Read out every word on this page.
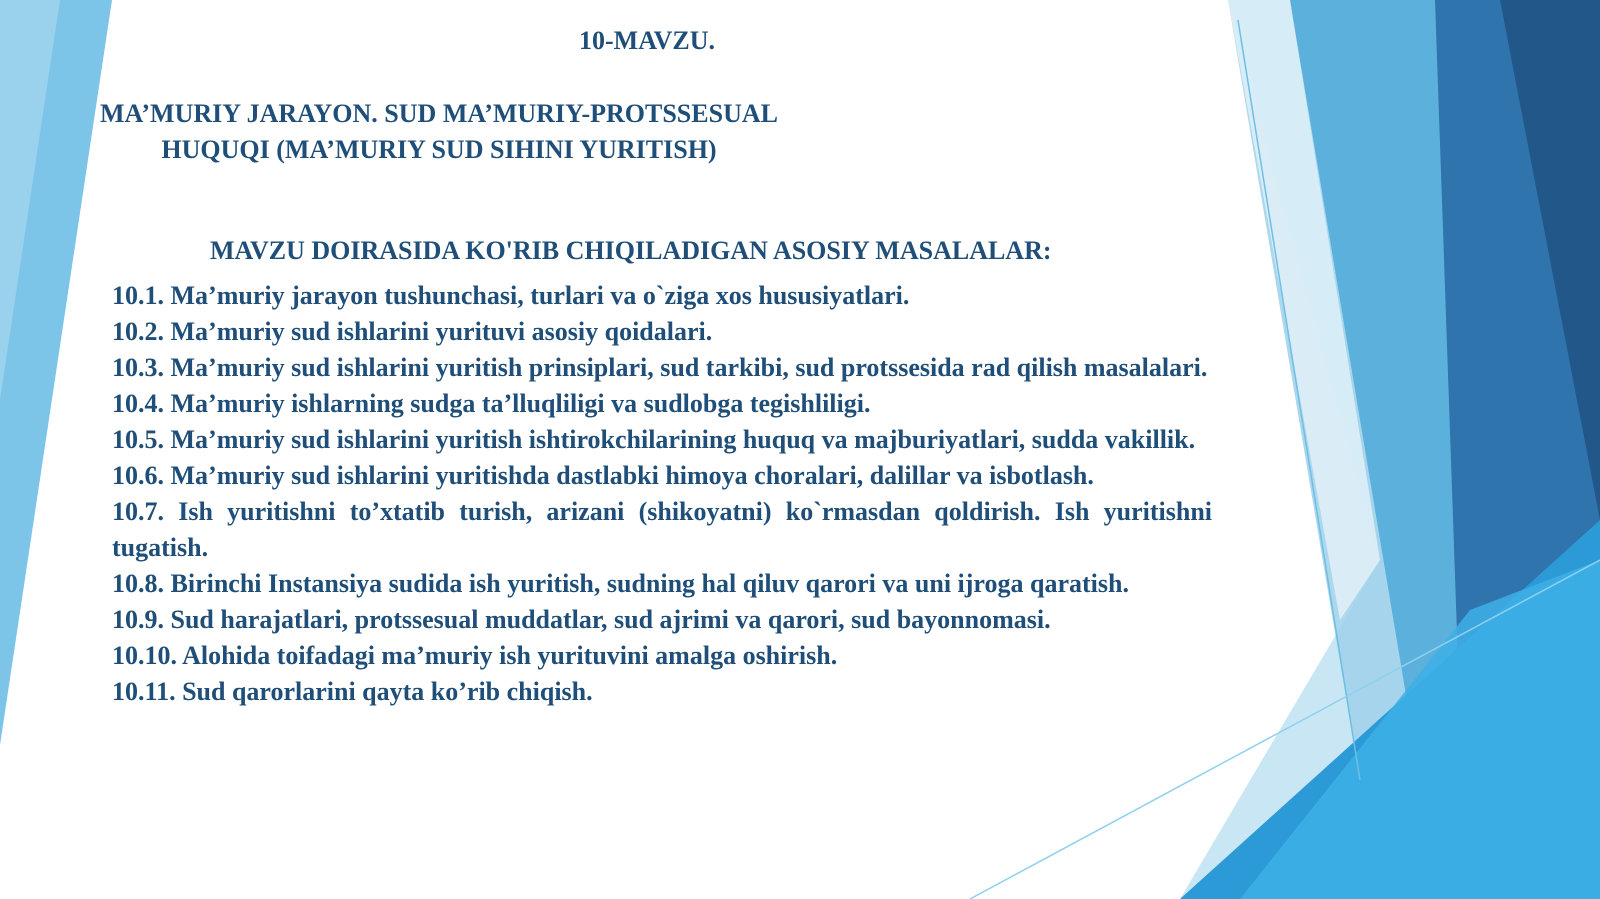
10-MAVZU.
MA’MURIY JARAYON. SUD MA’MURIY-PROTSSESUAL HUQUQI (MA’MURIY SUD SIHINI YURITISH)
MAVZU DOIRASIDA KO'RIB CHIQILADIGAN ASOSIY MASALALAR:
10.1. Ma’muriy jarayon tushunchasi, turlari va o`ziga xos hususiyatlari.
10.2. Ma’muriy sud ishlarini yurituvi asosiy qoidalari.
10.3. Ma’muriy sud ishlarini yuritish prinsiplari, sud tarkibi, sud protssesida rad qilish masalalari.
10.4. Ma’muriy ishlarning sudga ta’lluqliligi va sudlobga tegishliligi.
10.5. Ma’muriy sud ishlarini yuritish ishtirokchilarining huquq va majburiyatlari, sudda vakillik.
10.6. Ma’muriy sud ishlarini yuritishda dastlabki himoya choralari, dalillar va isbotlash.
10.7. Ish yuritishni to’xtatib turish, arizani (shikoyatni) ko`rmasdan qoldirish. Ish yuritishni tugatish.
10.8. Birinchi Instansiya sudida ish yuritish, sudning hal qiluv qarori va uni ijroga qaratish.
10.9. Sud harajatlari, protssesual muddatlar, sud ajrimi va qarori, sud bayonnomasi.
10.10. Alohida toifadagi ma’muriy ish yurituvini amalga oshirish.
10.11. Sud qarorlarini qayta ko’rib chiqish.
